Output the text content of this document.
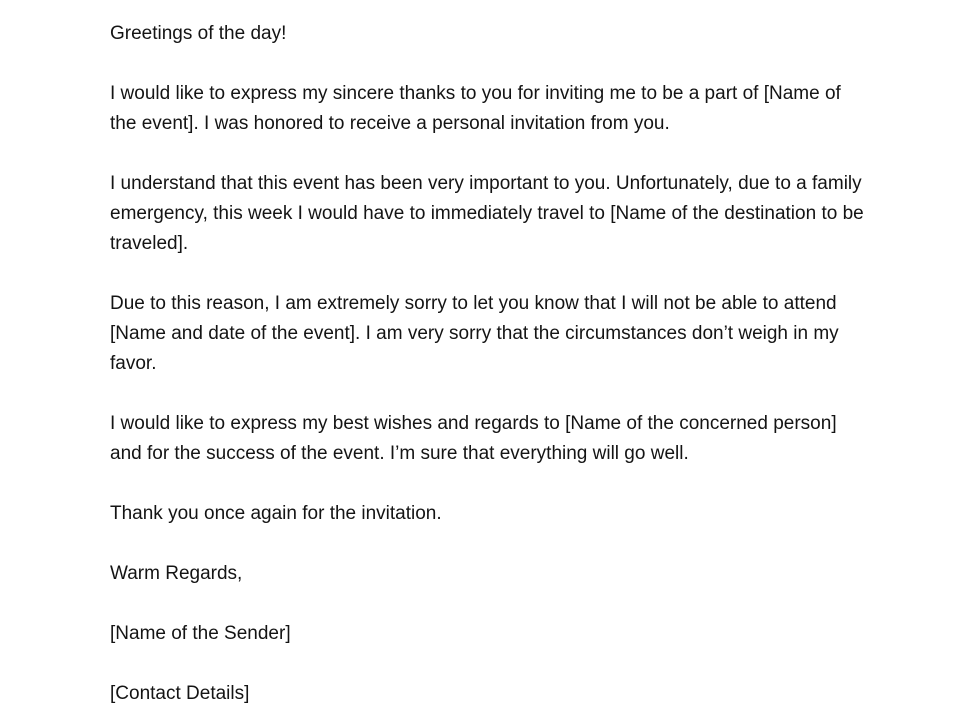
Greetings of the day!

I would like to express my sincere thanks to you for inviting me to be a part of [Name of the event]. I was honored to receive a personal invitation from you.

I understand that this event has been very important to you. Unfortunately, due to a family emergency, this week I would have to immediately travel to [Name of the destination to be traveled].

Due to this reason, I am extremely sorry to let you know that I will not be able to attend [Name and date of the event]. I am very sorry that the circumstances don’t weigh in my favor.

I would like to express my best wishes and regards to [Name of the concerned person] and for the success of the event. I’m sure that everything will go well.

Thank you once again for the invitation.

Warm Regards,

[Name of the Sender]

[Contact Details]
